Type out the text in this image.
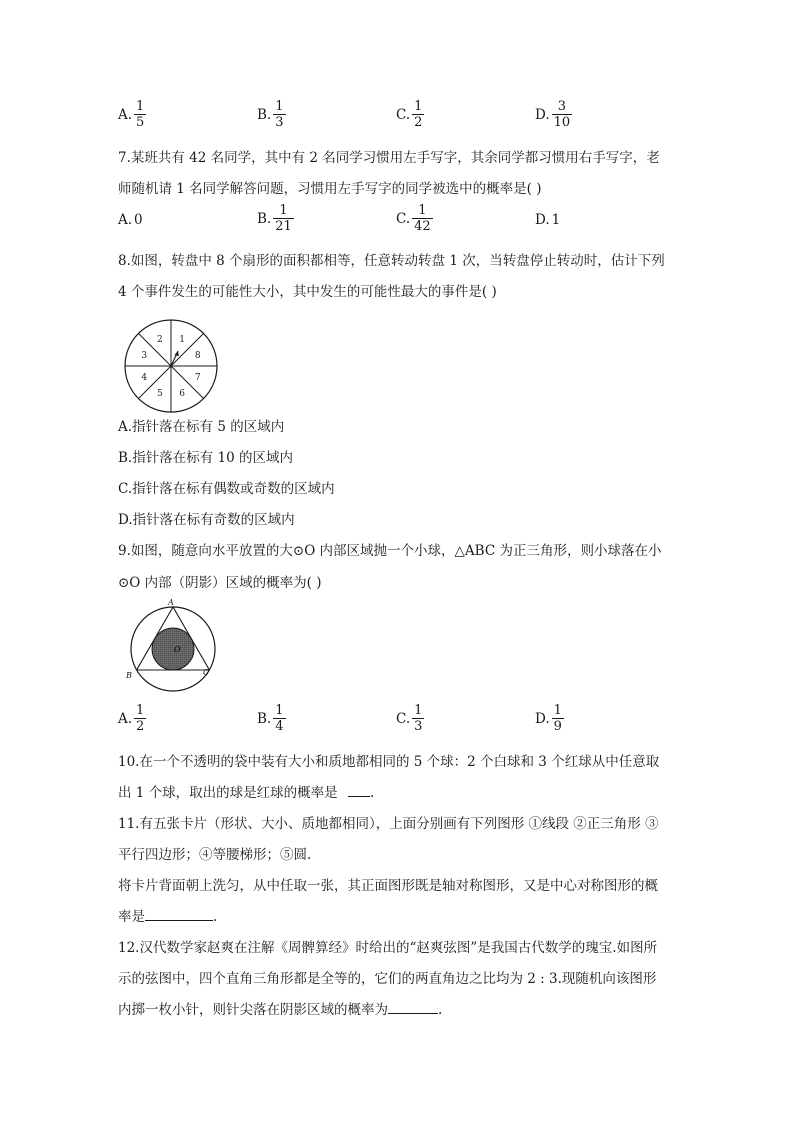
A. $\frac{1}{5}$	B. $\frac{1}{3}$	C. $\frac{1}{2}$	D. $\frac{3}{10}$
7.某班共有 42 名同学，其中有 2 名同学习惯用左手写字，其余同学都习惯用右手写字，老
师随机请 1 名同学解答问题，习惯用左手写字的同学被选中的概率是( )
A. 0	B. $\frac{1}{21}$	C. $\frac{1}{42}$	D. 1
8.如图，转盘中 8 个扇形的面积都相等，任意转动转盘 1 次，当转盘停止转动时，估计下列
4 个事件发生的可能性大小，其中发生的可能性最大的事件是( )
1
8
7
6
5
4
3
2
A.指针落在标有 5 的区域内
B.指针落在标有 10 的区域内
C.指针落在标有偶数或奇数的区域内
D.指针落在标有奇数的区域内
9.如图，随意向水平放置的大⊙O 内部区域抛一个小球，△ABC 为正三角形，则小球落在小
⊙O 内部（阴影）区域的概率为( )
A
B	C
O
A. $\frac{1}{2}$	B. $\frac{1}{4}$	C. $\frac{1}{3}$	D. $\frac{1}{9}$
10.在一个不透明的袋中装有大小和质地都相同的 5 个球：2 个白球和 3 个红球从中任意取
出 1 个球，取出的球是红球的概率是 .
11.有五张卡片（形状、大小、质地都相同），上面分别画有下列图形 ①线段 ②正三角形 ③
平行四边形；④等腰梯形；⑤圆.
将卡片背面朝上洗匀，从中任取一张，其正面图形既是轴对称图形，又是中心对称图形的概
率是	.
12.汉代数学家赵爽在注解《周髀算经》时给出的“赵爽弦图”是我国古代数学的瑰宝.如图所
示的弦图中，四个直角三角形都是全等的，它们的两直角边之比均为 2 : 3.现随机向该图形
内掷一枚小针，则针尖落在阴影区域的概率为	.
